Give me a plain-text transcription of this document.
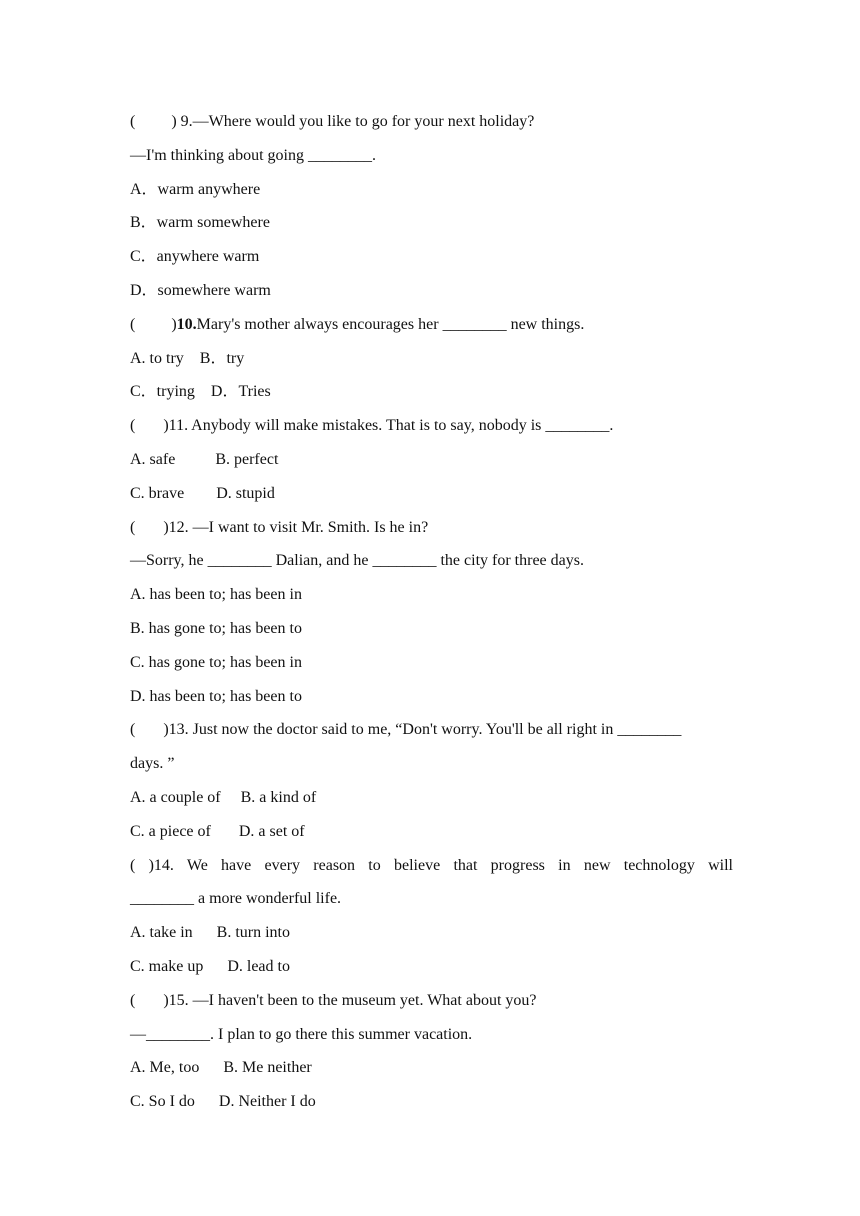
(         ) 9.—Where would you like to go for your next holiday?
—I'm thinking about going ________.
A．warm anywhere
B．warm somewhere
C．anywhere warm
D．somewhere warm
(         )10.Mary's mother always encourages her ________ new things.
A. to try    B．try
C．trying    D．Tries
(       )11. Anybody will make mistakes. That is to say, nobody is ________.
A. safe          B. perfect
C. brave        D. stupid
(       )12. —I want to visit Mr. Smith. Is he in?
—Sorry, he ________ Dalian, and he ________ the city for three days.
A. has been to; has been in
B. has gone to; has been to
C. has gone to; has been in
D. has been to; has been to
(       )13. Just now the doctor said to me, “Don't worry. You'll be all right in ________
days. ”
A. a couple of     B. a kind of
C. a piece of       D. a set of
( )14. We have every reason to believe that progress in new technology will
________ a more wonderful life.
A. take in      B. turn into
C. make up      D. lead to
(       )15. —I haven't been to the museum yet. What about you?
—________. I plan to go there this summer vacation.
A. Me, too      B. Me neither
C. So I do      D. Neither I do
